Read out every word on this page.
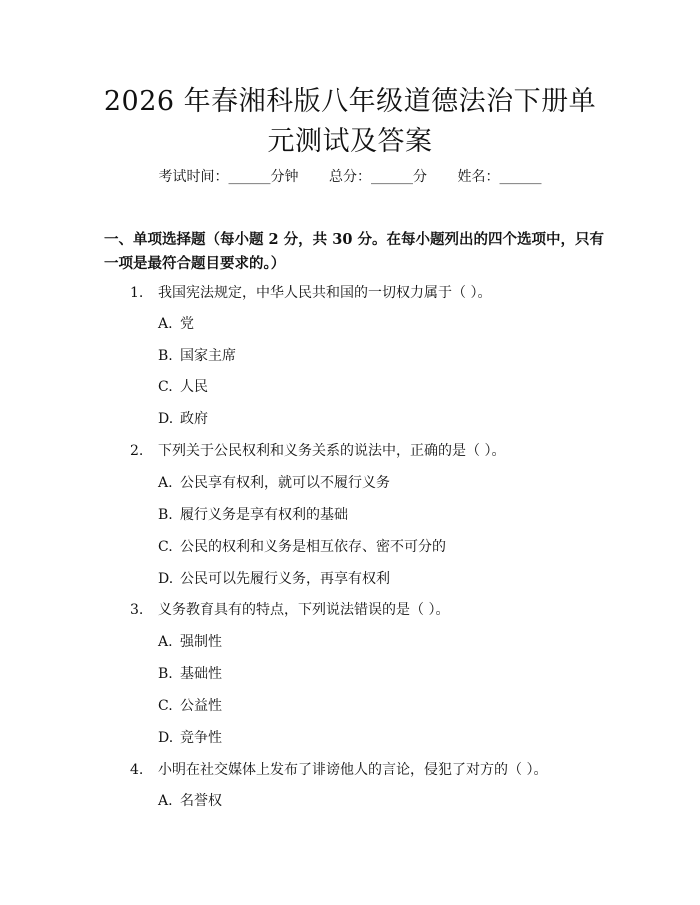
2026 年春湘科版八年级道德法治下册单元测试及答案
考试时间：______分钟 总分：______分 姓名：______

一、单项选择题（每小题 2 分，共 30 分。在每小题列出的四个选项中，只有一项是最符合题目要求的。）

1. 我国宪法规定，中华人民共和国的一切权力属于（ ）。
A. 党
B. 国家主席
C. 人民
D. 政府
2. 下列关于公民权利和义务关系的说法中，正确的是（ ）。
A. 公民享有权利，就可以不履行义务
B. 履行义务是享有权利的基础
C. 公民的权利和义务是相互依存、密不可分的
D. 公民可以先履行义务，再享有权利
3. 义务教育具有的特点，下列说法错误的是（ ）。
A. 强制性
B. 基础性
C. 公益性
D. 竞争性
4. 小明在社交媒体上发布了诽谤他人的言论，侵犯了对方的（ ）。
A. 名誉权
